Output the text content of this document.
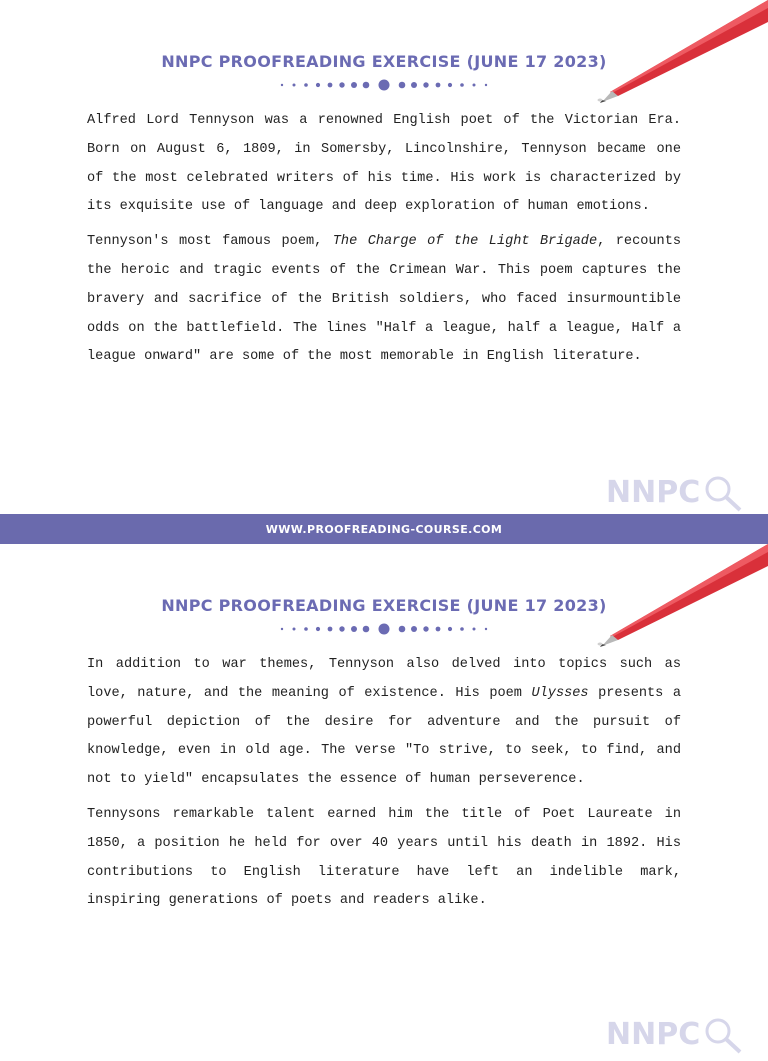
NNPC PROOFREADING EXERCISE (JUNE 17 2023)

Alfred Lord Tennyson was a renowned English poet of the Victorian Era. Born on August 6, 1809, in Somersby, Lincolnshire, Tennyson became one of the most celebrated writers of his time. His work is characterized by its exquisite use of language and deep exploration of human emotions.

Tennyson's most famous poem, The Charge of the Light Brigade, recounts the heroic and tragic events of the Crimean War. This poem captures the bravery and sacrifice of the British soldiers, who faced insurmountible odds on the battlefield. The lines "Half a league, half a league, Half a league onward" are some of the most memorable in English literature.

NNPC
WWW.PROOFREADING-COURSE.COM
NNPC PROOFREADING EXERCISE (JUNE 17 2023)

In addition to war themes, Tennyson also delved into topics such as love, nature, and the meaning of existence. His poem Ulysses presents a powerful depiction of the desire for adventure and the pursuit of knowledge, even in old age. The verse "To strive, to seek, to find, and not to yield" encapsulates the essence of human perseverence.

Tennysons remarkable talent earned him the title of Poet Laureate in 1850, a position he held for over 40 years until his death in 1892. His contributions to English literature have left an indelible mark, inspiring generations of poets and readers alike.

NNPC
